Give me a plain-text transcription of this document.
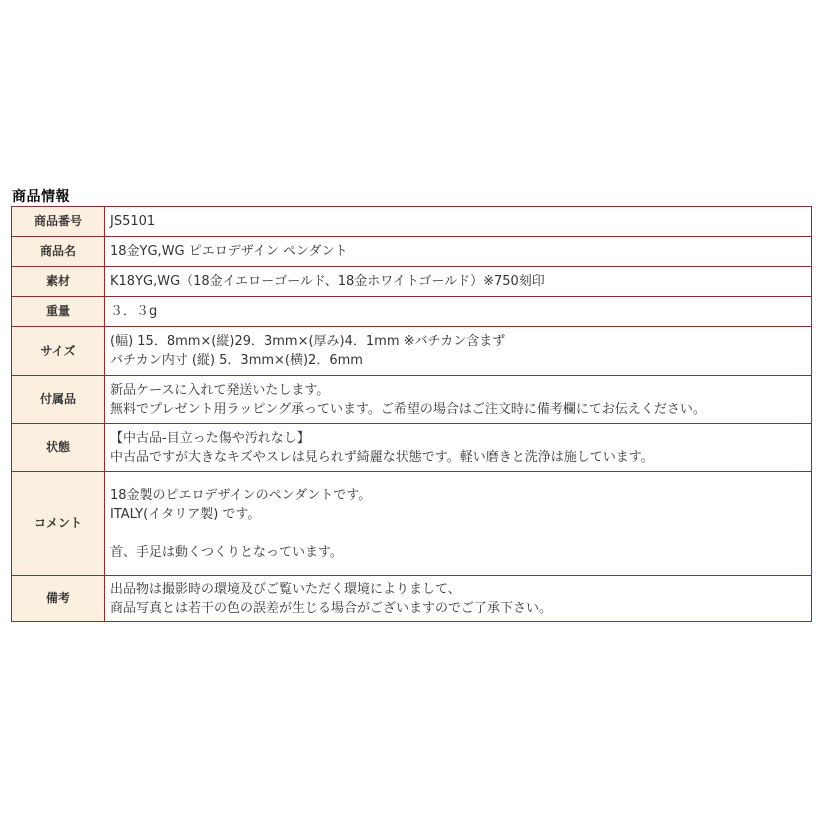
商品情報
商品番号	JS5101

商品名	18金YG,WG ピエロデザイン ペンダント

素材	K18YG,WG（18金イエローゴールド、18金ホワイトゴールド）※750刻印

重量	３．３g

サイズ	(幅) 15．8mm×(縦)29．3mm×(厚み)4．1mm ※バチカン含まず
バチカン内寸 (縦) 5．3mm×(横)2．6mm

付属品	新品ケースに入れて発送いたします。
無料でプレゼント用ラッピング承っています。ご希望の場合はご注文時に備考欄にてお伝えください。

状態	【中古品-目立った傷や汚れなし】
中古品ですが大きなキズやスレは見られず綺麗な状態です。軽い磨きと洗浄は施しています。

コメント	18金製のピエロデザインのペンダントです。
ITALY(イタリア製) です。
首、手足は動くつくりとなっています。

備考	出品物は撮影時の環境及びご覧いただく環境によりまして、
商品写真とは若干の色の誤差が生じる場合がございますのでご了承下さい。
